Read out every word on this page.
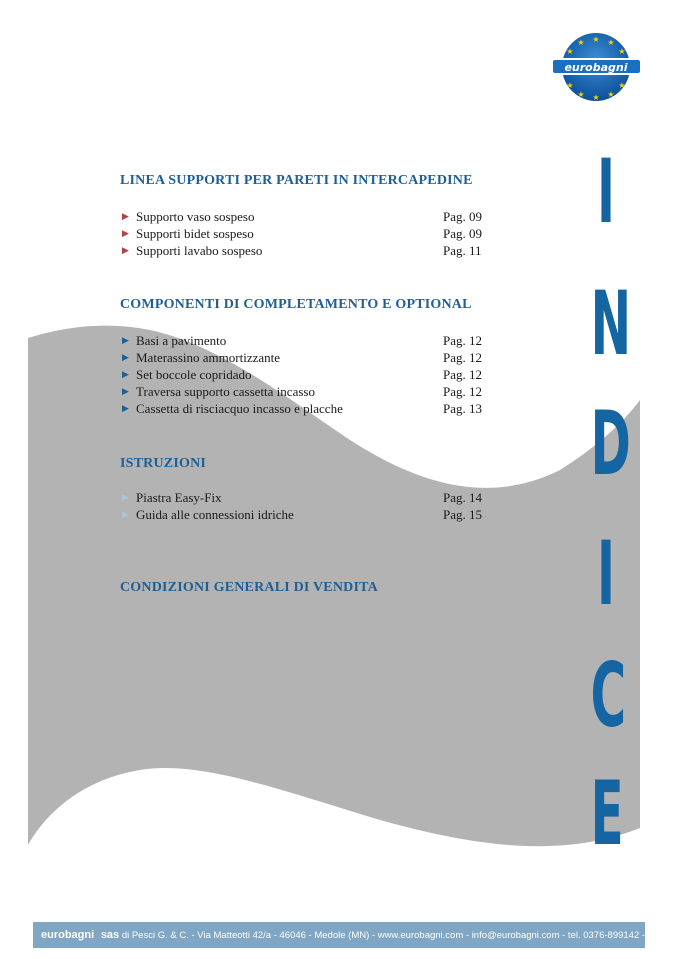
★ ★
★
★
★
★ ★
★
★
★
eurobagni
LINEA SUPPORTI PER PARETI IN INTERCAPEDINE
▶ Supporto vaso sospeso	Pag. 09
▶ Supporti bidet sospeso	Pag. 09
▶ Supporti lavabo sospeso	Pag. 11
COMPONENTI DI COMPLETAMENTO E OPTIONAL
▶ Basi a pavimento	Pag. 12
▶ Materassino ammortizzante	Pag. 12
▶ Set boccole copridado	Pag. 12
▶ Traversa supporto cassetta incasso	Pag. 12
▶ Cassetta di risciacquo incasso e placche	Pag. 13
ISTRUZIONI
▶ Piastra Easy-Fix	Pag. 14
▶ Guida alle connessioni idriche	Pag. 15
CONDIZIONI GENERALI DI VENDITA
I
N
D
I
C
E
eurobagni sas di Pesci G. & C. - Via Matteotti 42/a - 46046 - Medole (MN) - www.eurobagni.com - info@eurobagni.com - tel. 0376-899142 -
